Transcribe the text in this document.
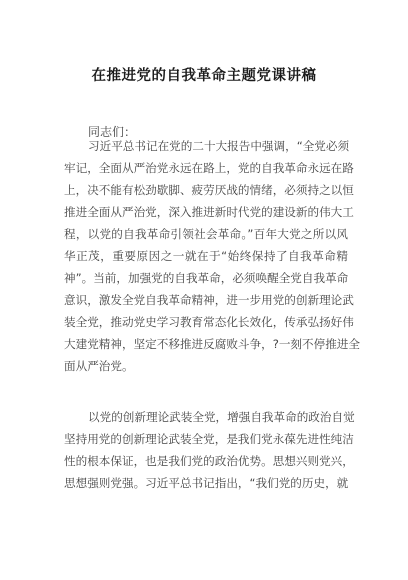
在推进党的自我革命主题党课讲稿
同志们：
习近平总书记在党的二十大报告中强调，“全党必须
牢记，全面从严治党永远在路上，党的自我革命永远在路
上，决不能有松劲歇脚、疲劳厌战的情绪，必须持之以恒
推进全面从严治党，深入推进新时代党的建设新的伟大工
程，以党的自我革命引领社会革命。”百年大党之所以风
华正茂，重要原因之一就在于“始终保持了自我革命精
神”。当前，加强党的自我革命，必须唤醒全党自我革命
意识，激发全党自我革命精神，进一步用党的创新理论武
装全党，推动党史学习教育常态化长效化，传承弘扬好伟
大建党精神，坚定不移推进反腐败斗争，?一刻不停推进全
面从严治党。
以党的创新理论武装全党，增强自我革命的政治自觉
坚持用党的创新理论武装全党，是我们党永葆先进性纯洁
性的根本保证，也是我们党的政治优势。思想兴则党兴，
思想强则党强。习近平总书记指出，“我们党的历史，就
